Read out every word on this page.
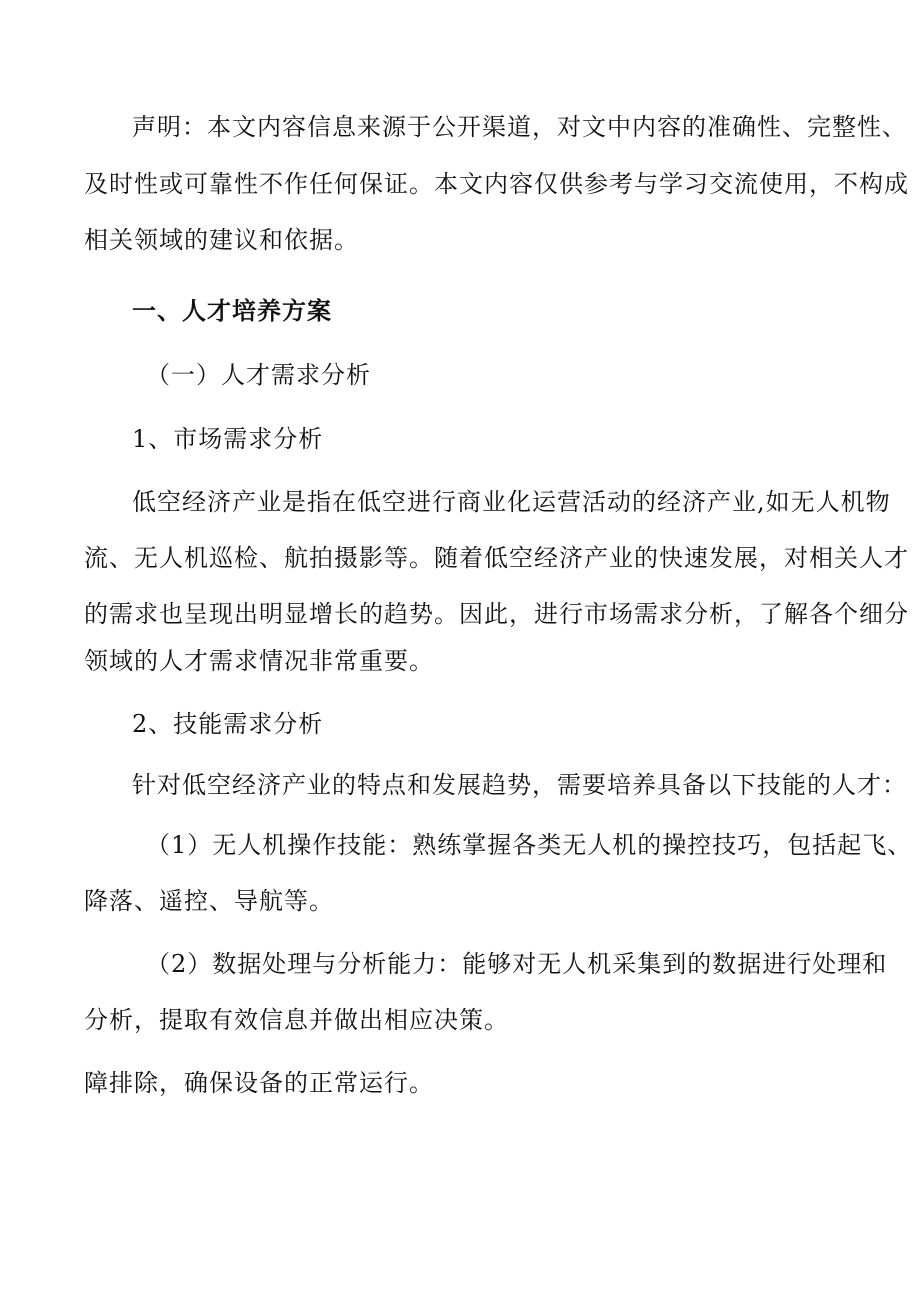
声明：本文内容信息来源于公开渠道，对文中内容的准确性、完整性、
及时性或可靠性不作任何保证。本文内容仅供参考与学习交流使用，不构成
相关领域的建议和依据。
一、人才培养方案
（一）人才需求分析
1、市场需求分析
低空经济产业是指在低空进行商业化运营活动的经济产业,如无人机物
流、无人机巡检、航拍摄影等。随着低空经济产业的快速发展，对相关人才
的需求也呈现出明显增长的趋势。因此，进行市场需求分析，了解各个细分
领域的人才需求情况非常重要。
2、技能需求分析
针对低空经济产业的特点和发展趋势，需要培养具备以下技能的人才：
（1）无人机操作技能：熟练掌握各类无人机的操控技巧，包括起飞、
降落、遥控、导航等。
（2）数据处理与分析能力：能够对无人机采集到的数据进行处理和
分析，提取有效信息并做出相应决策。
障排除，确保设备的正常运行。
